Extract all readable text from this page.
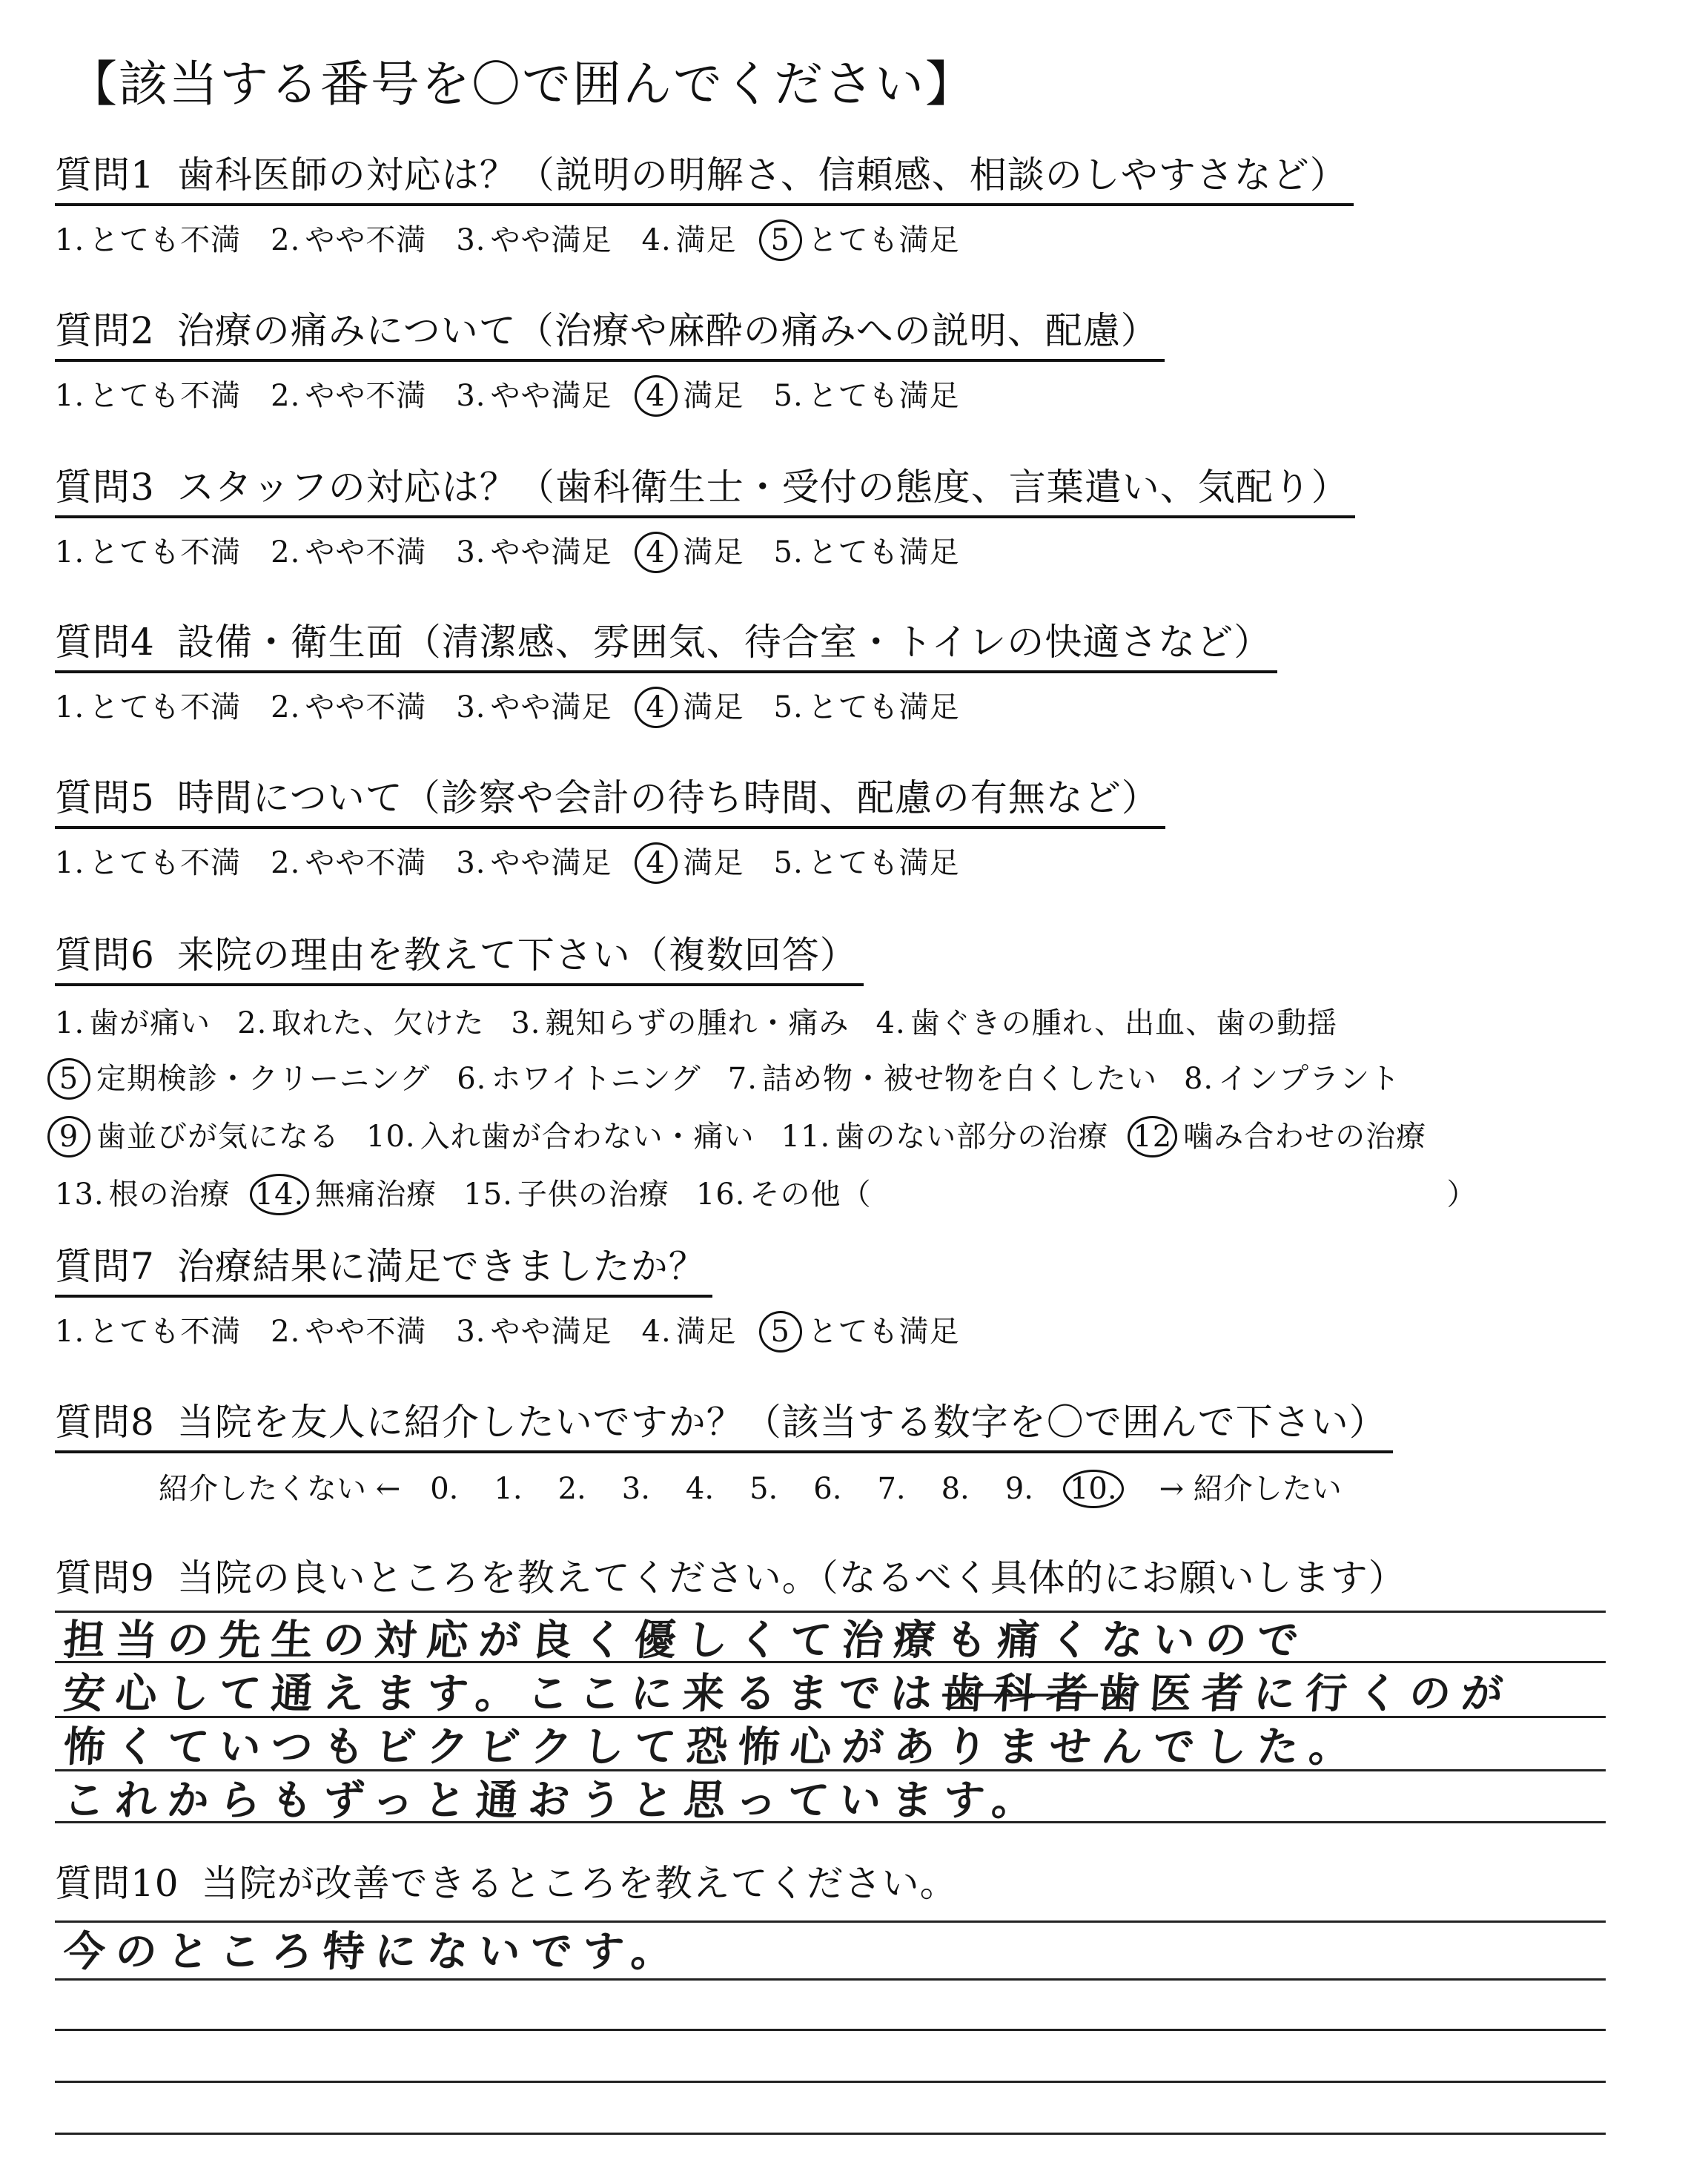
【該当する番号を〇で囲んでください】
質問1 歯科医師の対応は？（説明の明解さ、信頼感、相談のしやすさなど）
1. とても不満 2. やや不満 3. やや満足 4. 満足 5 とても満足
質問2 治療の痛みについて（治療や麻酔の痛みへの説明、配慮）
1. とても不満 2. やや不満 3. やや満足 4 満足 5. とても満足
質問3 スタッフの対応は？（歯科衛生士・受付の態度、言葉遣い、気配り）
1. とても不満 2. やや不満 3. やや満足 4 満足 5. とても満足
質問4 設備・衛生面（清潔感、雰囲気、待合室・トイレの快適さなど）
1. とても不満 2. やや不満 3. やや満足 4 満足 5. とても満足
質問5 時間について（診察や会計の待ち時間、配慮の有無など）
1. とても不満 2. やや不満 3. やや満足 4 満足 5. とても満足
質問6 来院の理由を教えて下さい（複数回答）
1. 歯が痛い 2. 取れた、欠けた 3. 親知らずの腫れ・痛み 4. 歯ぐきの腫れ、出血、歯の動揺
5 定期検診・クリーニング 6. ホワイトニング 7. 詰め物・被せ物を白くしたい 8. インプラント
9 歯並びが気になる 10. 入れ歯が合わない・痛い 11. 歯のない部分の治療 12 噛み合わせの治療
13. 根の治療 14. 無痛治療 15. 子供の治療 16. その他（	）
質問7 治療結果に満足できましたか？
1. とても不満 2. やや不満 3. やや満足 4. 満足 5 とても満足
質問8 当院を友人に紹介したいですか？（該当する数字を〇で囲んで下さい）
紹介したくない ← 0. 1. 2. 3. 4. 5. 6. 7. 8. 9. 10. → 紹介したい
質問9 当院の良いところを教えてください。（なるべく具体的にお願いします）
担当の先生の対応が良く優しくて治療も痛くないので
安心して通えます。ここに来るまでは歯科者歯医者に行くのが
怖くていつもビクビクして恐怖心がありませんでした。
これからもずっと通おうと思っています。
質問10 当院が改善できるところを教えてください。
今のところ特にないです。
